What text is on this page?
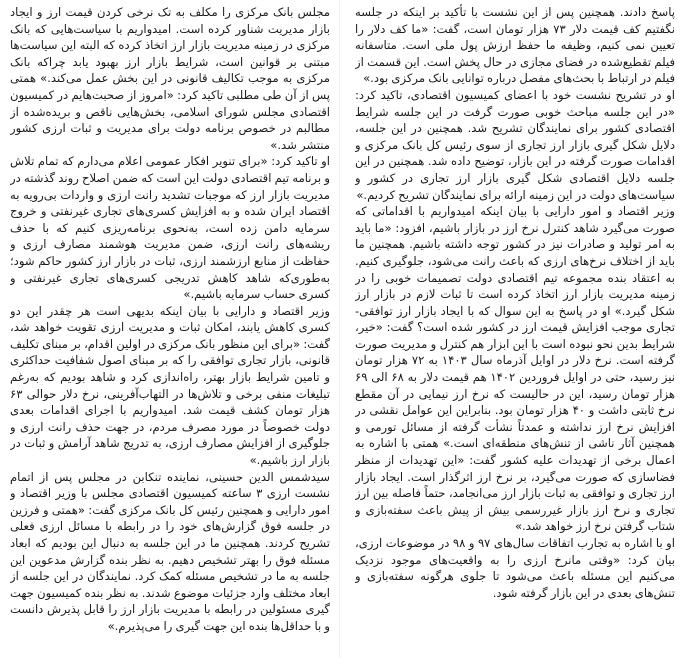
پاسخ دادند. همچنین پس از این نشست با تأکید بر اینکه در جلسه نگفتیم کف قیمت دلار ۷۳ هزار تومان است، گفت: «ما کف دلار را تعیین نمی کنیم، وظیفه ما حفظ ارزش پول ملی است. متاسفانه فیلم تقطیع‌شده در فضای مجازی در حال پخش است. این قسمت از فیلم در ارتباط با بحث‌های مفصل درباره توانایی بانک مرکزی بود.»

او در تشریح نشست خود با اعضای کمیسیون اقتصادی، تاکید کرد: «در این جلسه مباحث خوبی صورت گرفت در این جلسه شرایط اقتصادی کشور برای نمایندگان تشریح شد. همچنین در این جلسه، دلایل شکل گیری بازار ارز تجاری از سوی رئیس کل بانک مرکزی و اقدامات صورت گرفته در این بازار، توضیح داده شد. همچنین در این جلسه دلایل اقتصادی شکل گیری بازار ارز تجاری در کشور و سیاست‌های دولت در این زمینه ارائه برای نمایندگان تشریح کردیم.»

وزیر اقتصاد و امور دارایی با بیان اینکه امیدواریم با اقداماتی که صورت می‌گیرد شاهد کنترل نرخ ارز در بازار باشیم، افزود: «ما باید به امر تولید و صادرات نیز در کشور توجه داشته باشیم. همچنین ما باید از اختلاف نرخ‌های ارزی که باعث رانت می‌شود، جلوگیری کنیم. به اعتقاد بنده مجموعه تیم اقتصادی دولت تصمیمات خوبی را در زمینه مدیریت بازار ارز اتخاذ کرده است تا ثبات لازم در بازار ارز شکل گیرد.» او در پاسخ به این سوال که با ایجاد بازار ارز توافقی-تجاری موجب افزایش قیمت ارز در کشور شده است؟ گفت: «خیر، شرایط بدین نحو نبوده است با این ابزار هم کنترل و مدیریت صورت گرفته است. نرخ دلار در اوایل آذرماه سال ۱۴۰۳ به ۷۲ هزار تومان نیز رسید، حتی در اوایل فروردین ۱۴۰۲ هم قیمت دلار به ۶۸ الی ۶۹ هزار تومان رسید، این در حالیست که نرخ ارز نیمایی در آن مقطع نرخ ثابتی داشت و ۴۰ هزار تومان بود. بنابراین این عوامل نقشی در افزایش نرخ ارز نداشته و عمدتاً نشأت گرفته از مسائل تورمی و همچنین آثار ناشی از تنش‌های منطقه‌ای است.» همتی با اشاره به اعمال برخی از تهدیدات علیه کشور گفت: «این تهدیدات از منظر فضاسازی که صورت می‌گیرد، بر نرخ ارز اثرگذار است. ایجاد بازار ارز تجاری و توافقی به ثبات بازار ارز می‌انجامد، حتماً فاصله بین ارز تجاری و نرخ ارز بازار غیررسمی بیش از پیش باعث سفته‌بازی و شتاب گرفتن نرخ ارز خواهد شد.»

او با اشاره به تجارب اتفاقات سال‌های ۹۷ و ۹۸ در موضوعات ارزی، بیان کرد: «وقتی مانرخ ارزی را به واقعیت‌های موجود نزدیک می‌کنیم این مسئله باعث می‌شود تا جلوی هرگونه سفته‌بازی و تنش‌های بعدی در این بازار گرفته شود.

مجلس بانک مرکزی را مکلف به تک نرخی کردن قیمت ارز و ایجاد بازار مدیریت شناور کرده است. امیدواریم با سیاست‌هایی که بانک مرکزی در زمینه مدیریت بازار ارز اتخاذ کرده که البته این سیاست‌ها مبتنی بر قوانین است، شرایط بازار ارز بهبود یابد چراکه بانک مرکزی به موجب تکالیف قانونی در این بخش عمل می‌کند.» همتی پس از آن طی مطلبی تاکید کرد: «امروز از صحبت‌هایم در کمیسیون اقتصادی مجلس شورای اسلامی، بخش‌هایی ناقص و بریده‌شده از مطالبم در خصوص برنامه دولت برای مدیریت و ثبات ارزی کشور منتشر شد.»

او تاکید کرد: «برای تنویر افکار عمومی اعلام می‌دارم که تمام تلاش و برنامه تیم اقتصادی دولت این است که ضمن اصلاح روند گذشته در مدیریت بازار ارز که موجبات تشدید رانت ارزی و واردات بی‌رویه به اقتصاد ایران شده و به افزایش کسری‌های تجاری غیرنفتی و خروج سرمایه دامن زده است، به‌نحوی برنامه‌ریزی کنیم که با حذف ریشه‌های رانت ارزی، ضمن مدیریت هوشمند مصارف ارزی و حفاظت از منابع ارزشمند ارزی، ثبات در بازار ارز کشور حاکم شود؛ به‌طوری‌که شاهد کاهش تدریجی کسری‌های تجاری غیرنفتی و کسری حساب سرمایه باشیم.»

وزیر اقتصاد و دارایی با بیان اینکه بدیهی است هر چقدر این دو کسری کاهش یابند، امکان ثبات و مدیریت ارزی تقویت خواهد شد، گفت: «برای این منظور بانک مرکزی در اولین اقدام، بر مبنای تکلیف قانونی، بازار تجاری توافقی را که بر مبنای اصول شفافیت حداکثری و تامین شرایط بازار بهتر، راه‌اندازی کرد و شاهد بودیم که به‌رغم تبلیغات منفی برخی و تلاش‌ها در التهاب‌آفرینی، نرخ دلار حوالی ۶۳ هزار تومان کشف قیمت شد. امیدواریم با اجرای اقدامات بعدی دولت خصوصاً در مورد مصرف مردم، در جهت حذف رانت ارزی و جلوگیری از افزایش مصارف ارزی، به تدریج شاهد آرامش و ثبات در بازار ارز باشیم.»

سیدشمس الدین حسینی، نماینده تنکابن در مجلس پس از اتمام نشست ارزی ۳ ساعته کمیسیون اقتصادی مجلس با وزیر اقتصاد و امور دارایی و همچنین رئیس کل بانک مرکزی گفت: «همتی و فرزین در جلسه فوق گزارش‌های خود را در رابطه با مسائل ارزی فعلی تشریح کردند. همچنین ما در این جلسه به دنبال این بودیم که ابعاد مسئله فوق را بهتر تشخیص دهیم. به نظر بنده گزارش مدعوین این جلسه به ما در تشخیص مسئله کمک کرد. نمایندگان در این جلسه از ابعاد مختلف وارد جزئیات موضوع شدند. به نظر بنده کمیسیون جهت گیری مسئولین در رابطه با مدیریت بازار ارز را قابل پذیرش دانست و با حداقل‌ها بنده این جهت گیری را می‌پذیرم.»
